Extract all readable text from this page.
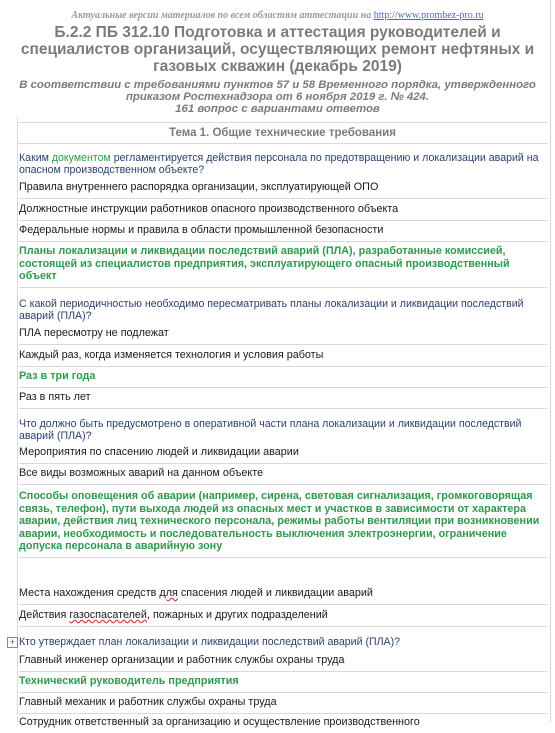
Актуальные версии материалов по всем областям аттестации на http://www.prombez-pro.ru
Б.2.2 ПБ 312.10 Подготовка и аттестация руководителей и специалистов организаций, осуществляющих ремонт нефтяных и газовых скважин (декабрь 2019)
В соответствии с требованиями пунктов 57 и 58 Временного порядка, утвержденного приказом Ростехнадзора от 6 ноября 2019 г. № 424.
161 вопрос с вариантами ответов
Тема 1. Общие технические требования
Каким документом регламентируется действия персонала по предотвращению и локализации аварий на опасном производственном объекте?
Правила внутреннего распорядка организации, эксплуатирующей ОПО
Должностные инструкции работников опасного производственного объекта
Федеральные нормы и правила в области промышленной безопасности
Планы локализации и ликвидации последствий аварий (ПЛА), разработанные комиссией, состоящей из специалистов предприятия, эксплуатирующего опасный производственный объект
С какой периодичностью необходимо пересматривать планы локализации и ликвидации последствий аварий (ПЛА)?
ПЛА пересмотру не подлежат
Каждый раз, когда изменяется технология и условия работы
Раз в три года
Раз в пять лет
Что должно быть предусмотрено в оперативной части плана локализации и ликвидации последствий аварий (ПЛА)?
Мероприятия по спасению людей и ликвидации аварии
Все виды возможных аварий на данном объекте
Способы оповещения об аварии (например, сирена, световая сигнализация, громкоговорящая связь, телефон), пути выхода людей из опасных мест и участков в зависимости от характера аварии, действия лиц технического персонала, режимы работы вентиляции при возникновении аварии, необходимость и последовательность выключения электроэнергии, ограничение допуска персонала в аварийную зону
Места нахождения средств для спасения людей и ликвидации аварий
Действия газоспасателей, пожарных и других подразделений
+ Кто утверждает план локализации и ликвидации последствий аварий (ПЛА)?
Главный инженер организации и работник службы охраны труда
Технический руководитель предприятия
Главный механик и работник службы охраны труда
Сотрудник ответственный за организацию и осуществление производственного
